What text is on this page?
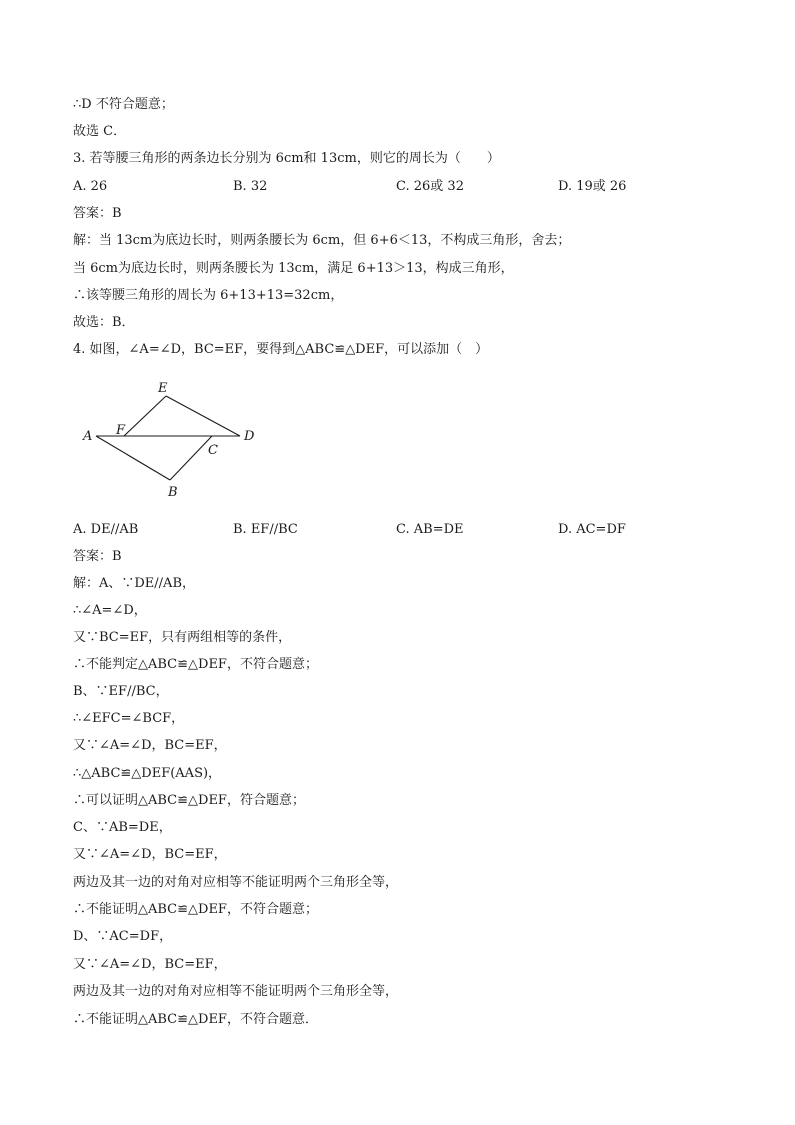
∴D 不符合题意；
故选 C．
3. 若等腰三角形的两条边长分别为 6cm和 13cm，则它的周长为（　　）
A. 26	B. 32	C. 26或 32	D. 19或 26
答案：B
解：当 13cm为底边长时，则两条腰长为 6cm，但 6+6＜13，不构成三角形，舍去；
当 6cm为底边长时，则两条腰长为 13cm，满足 6+13＞13，构成三角形，
∴该等腰三角形的周长为 6+13+13=32cm，
故选：B．
4. 如图，∠A=∠D，BC=EF，要得到△ABC≌△DEF，可以添加（　）
E
A F	D
C
B
A. DE//AB	B. EF//BC	C. AB=DE	D. AC=DF
答案：B
解：A、∵DE//AB，
∴∠A=∠D，
又∵BC=EF，只有两组相等的条件，
∴不能判定△ABC≌△DEF，不符合题意；
B、∵EF//BC，
∴∠EFC=∠BCF，
又∵∠A=∠D，BC=EF，
∴△ABC≌△DEF(AAS)，
∴可以证明△ABC≌△DEF，符合题意；
C、∵AB=DE，
又∵∠A=∠D，BC=EF，
两边及其一边的对角对应相等不能证明两个三角形全等，
∴不能证明△ABC≌△DEF，不符合题意；
D、∵AC=DF，
又∵∠A=∠D，BC=EF，
两边及其一边的对角对应相等不能证明两个三角形全等，
∴不能证明△ABC≌△DEF，不符合题意．
